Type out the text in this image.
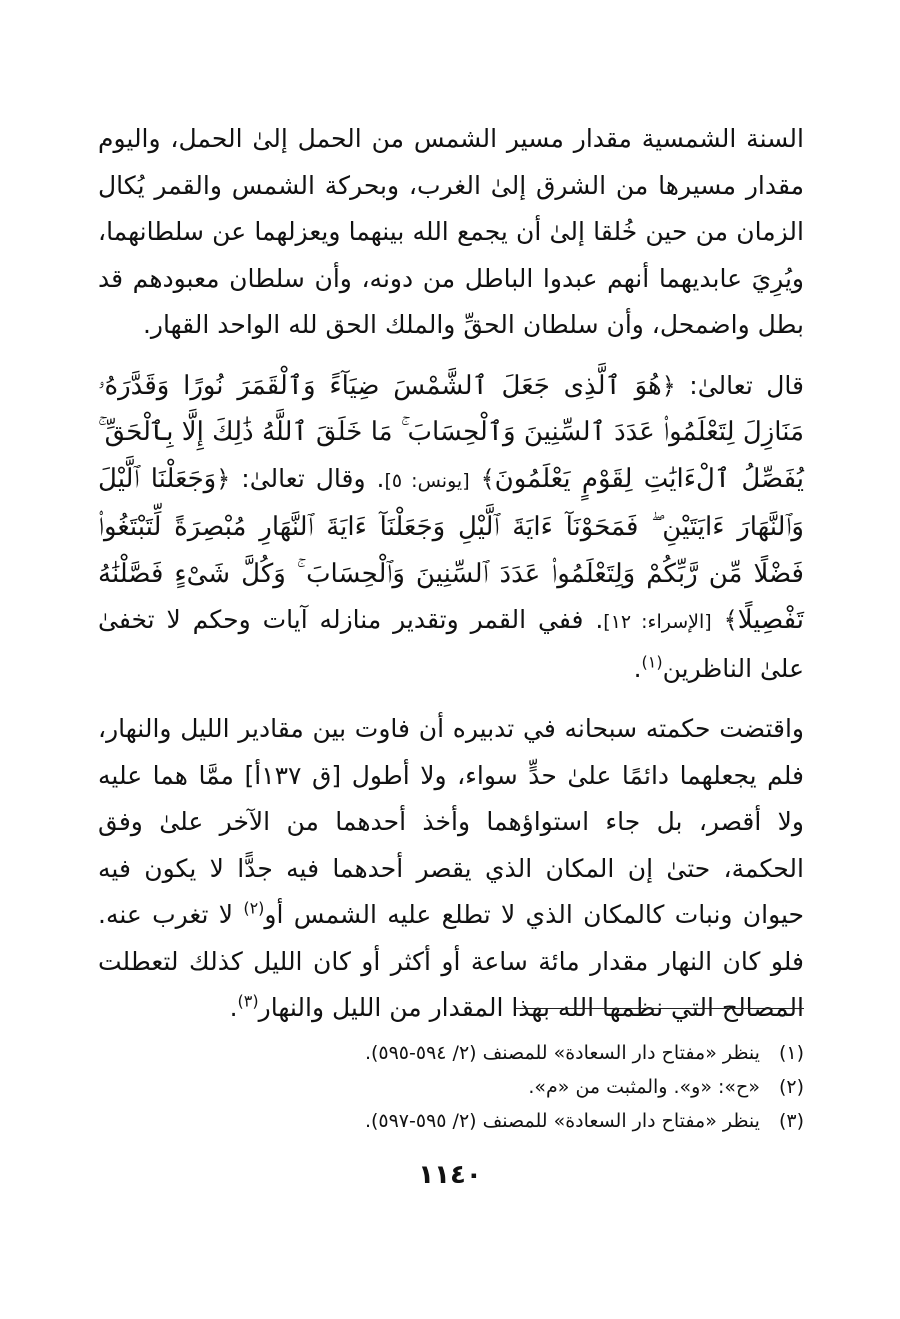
السنة الشمسية مقدار مسير الشمس من الحمل إلىٰ الحمل، واليوم مقدار مسيرها من الشرق إلىٰ الغرب، وبحركة الشمس والقمر يُكال الزمان من حين خُلقا إلىٰ أن يجمع الله بينهما ويعزلهما عن سلطانهما، ويُرِيَ عابديهما أنهم عبدوا الباطل من دونه، وأن سلطان معبودهم قد بطل واضمحل، وأن سلطان الحقِّ والملك الحق لله الواحد القهار.

قال تعالىٰ: ﴿هُوَ ٱلَّذِى جَعَلَ ٱلشَّمْسَ ضِيَآءً وَٱلْقَمَرَ نُورًا وَقَدَّرَهُۥ مَنَازِلَ لِتَعْلَمُوا۟ عَدَدَ ٱلسِّنِينَ وَٱلْحِسَابَ ۚ مَا خَلَقَ ٱللَّهُ ذَٰلِكَ إِلَّا بِٱلْحَقِّ ۚ يُفَصِّلُ ٱلْءَايَٰتِ لِقَوْمٍ يَعْلَمُونَ﴾ [يونس: ٥]. وقال تعالىٰ: ﴿وَجَعَلْنَا ٱلَّيْلَ وَٱلنَّهَارَ ءَايَتَيْنِ ۖ فَمَحَوْنَآ ءَايَةَ ٱلَّيْلِ وَجَعَلْنَآ ءَايَةَ ٱلنَّهَارِ مُبْصِرَةً لِّتَبْتَغُوا۟ فَضْلًا مِّن رَّبِّكُمْ وَلِتَعْلَمُوا۟ عَدَدَ ٱلسِّنِينَ وَٱلْحِسَابَ ۚ وَكُلَّ شَىْءٍ فَصَّلْنَٰهُ تَفْصِيلًا﴾ [الإسراء: ١٢]. ففي القمر وتقدير منازله آيات وحكم لا تخفىٰ علىٰ الناظرين$^{(١)}$.

واقتضت حكمته سبحانه في تدبيره أن فاوت بين مقادير الليل والنهار، فلم يجعلهما دائمًا علىٰ حدٍّ سواء، ولا أطول [ق ١٣٧أ] ممَّا هما عليه ولا أقصر، بل جاء استواؤهما وأخذ أحدهما من الآخر علىٰ وفق الحكمة، حتىٰ إن المكان الذي يقصر أحدهما فيه جدًّا لا يكون فيه حيوان ونبات كالمكان الذي لا تطلع عليه الشمس أو$^{(٢)}$ لا تغرب عنه. فلو كان النهار مقدار مائة ساعة أو أكثر أو كان الليل كذلك لتعطلت المصالح التي نظمها الله بهذا المقدار من الليل والنهار$^{(٣)}$.

(١) ينظر «مفتاح دار السعادة» للمصنف (٢/ ٥٩٤-٥٩٥).
(٢) «ح»: «و». والمثبت من «م».
(٣) ينظر «مفتاح دار السعادة» للمصنف (٢/ ٥٩٥-٥٩٧).
١١٤٠
